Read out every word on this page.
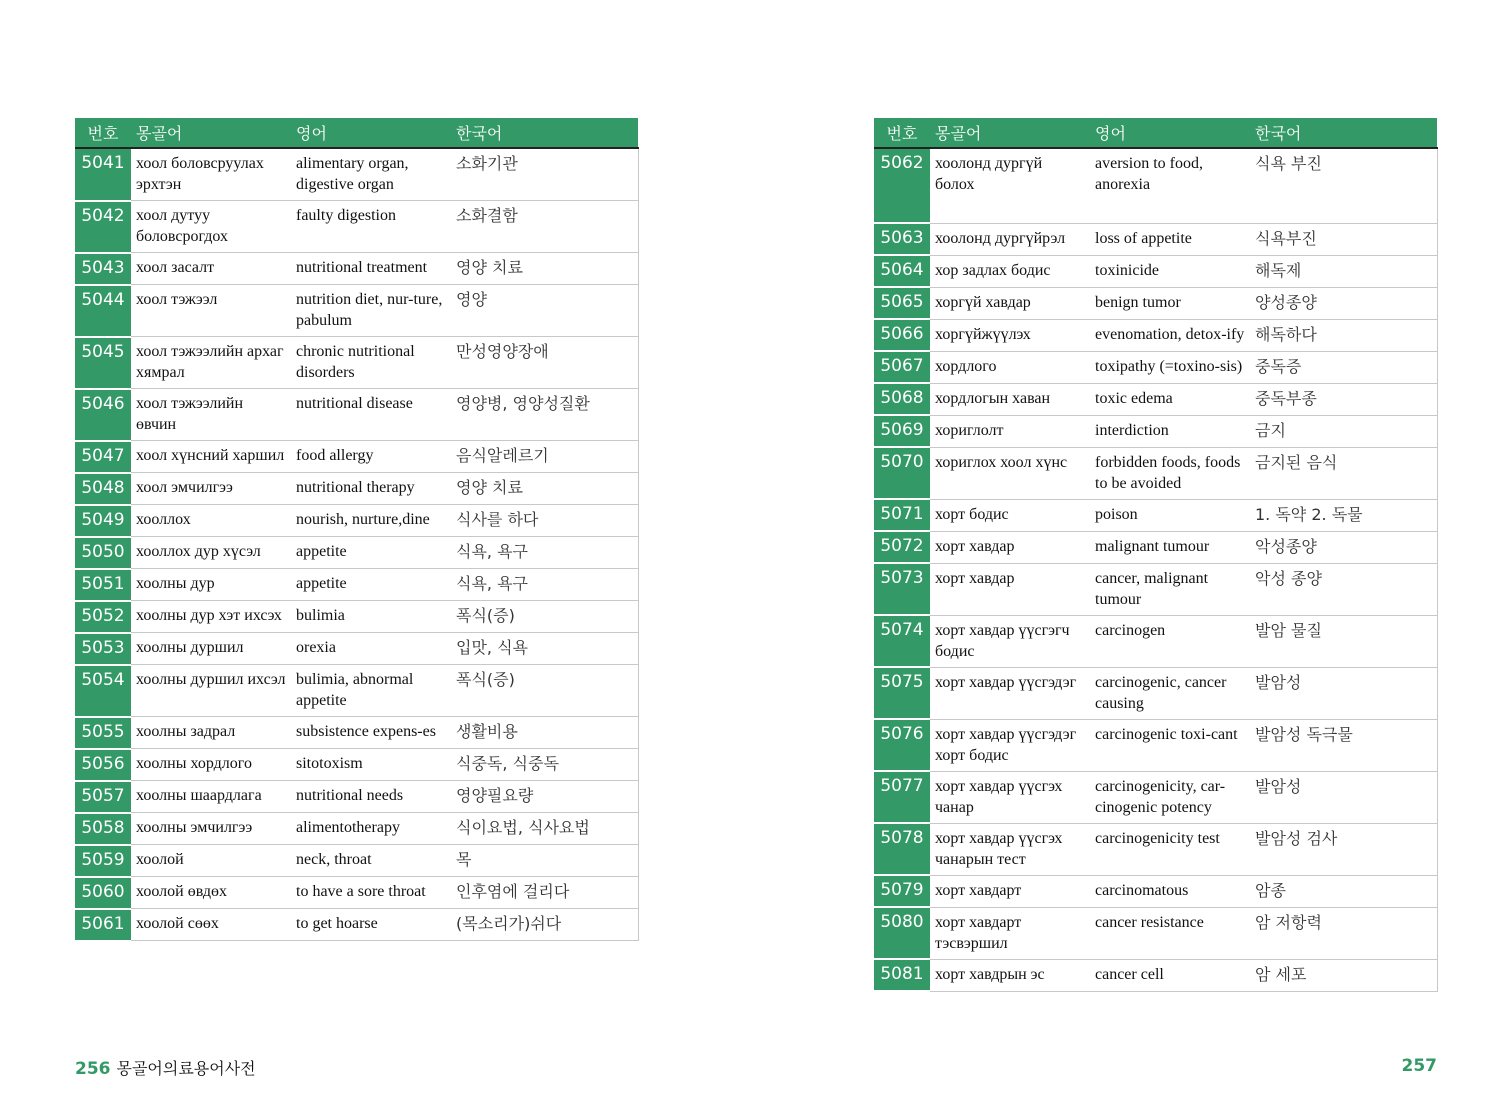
번호	몽골어	영어	한국어
5041	хоол боловсруулах эрхтэн	alimentary organ, digestive organ	소화기관
5042	хоол дутуу боловсрогдох	faulty digestion	소화결함
5043	хоол засалт	nutritional treatment	영양 치료
5044	хоол тэжээл	nutrition diet, nur-ture, pabulum	영양
5045	хоол тэжээлийн архаг хямрал	chronic nutritional disorders	만성영양장애
5046	хоол тэжээлийн өвчин	nutritional disease	영양병, 영양성질환
5047	хоол хүнсний харшил	food allergy	음식알레르기
5048	хоол эмчилгээ	nutritional therapy	영양 치료
5049	хооллох	nourish, nurture,dine	식사를 하다
5050	хооллох дур хүсэл	appetite	식욕, 욕구
5051	хоолны дур	appetite	식욕, 욕구
5052	хоолны дур хэт ихсэх	bulimia	폭식(증)
5053	хоолны дуршил	orexia	입맛, 식욕
5054	хоолны дуршил ихсэл	bulimia, abnormal appetite	폭식(증)
5055	хоолны задрал	subsistence expens-es	생활비용
5056	хоолны хордлого	sitotoxism	식중독, 식중독
5057	хоолны шаардлага	nutritional needs	영양필요량
5058	хоолны эмчилгээ	alimentotherapy	식이요법, 식사요법
5059	хоолой	neck, throat	목
5060	хоолой өвдөх	to have a sore throat	인후염에 걸리다
5061	хоолой сөөх	to get hoarse	(목소리가)쉬다
번호	몽골어	영어	한국어
5062	хоолонд дургүй болох	aversion to food, anorexia	식욕 부진
5063	хоолонд дургүйрэл	loss of appetite	식욕부진
5064	хор задлах бодис	toxinicide	해독제
5065	хоргүй хавдар	benign tumor	양성종양
5066	хоргүйжүүлэх	evenomation, detox-ify	해독하다
5067	хордлого	toxipathy (=toxino-sis)	중독증
5068	хордлогын хаван	toxic edema	중독부종
5069	хориглолт	interdiction	금지
5070	хориглох хоол хүнс	forbidden foods, foods to be avoided	금지된 음식
5071	хорт бодис	poison	1. 독약 2. 독물
5072	хорт хавдар	malignant tumour	악성종양
5073	хорт хавдар	cancer, malignant tumour	악성 종양
5074	хорт хавдар үүсгэгч бодис	carcinogen	발암 물질
5075	хорт хавдар үүсгэдэг	carcinogenic, cancer causing	발암성
5076	хорт хавдар үүсгэдэг хорт бодис	carcinogenic toxi-cant	발암성 독극물
5077	хорт хавдар үүсгэх чанар	carcinogenicity, car-cinogenic potency	발암성
5078	хорт хавдар үүсгэх чанарын тест	carcinogenicity test	발암성 검사
5079	хорт хавдарт	carcinomatous	암종
5080	хорт хавдарт тэсвэршил	cancer resistance	암 저항력
5081	хорт хавдрын эс	cancer cell	암 세포
256 몽골어의료용어사전	257
